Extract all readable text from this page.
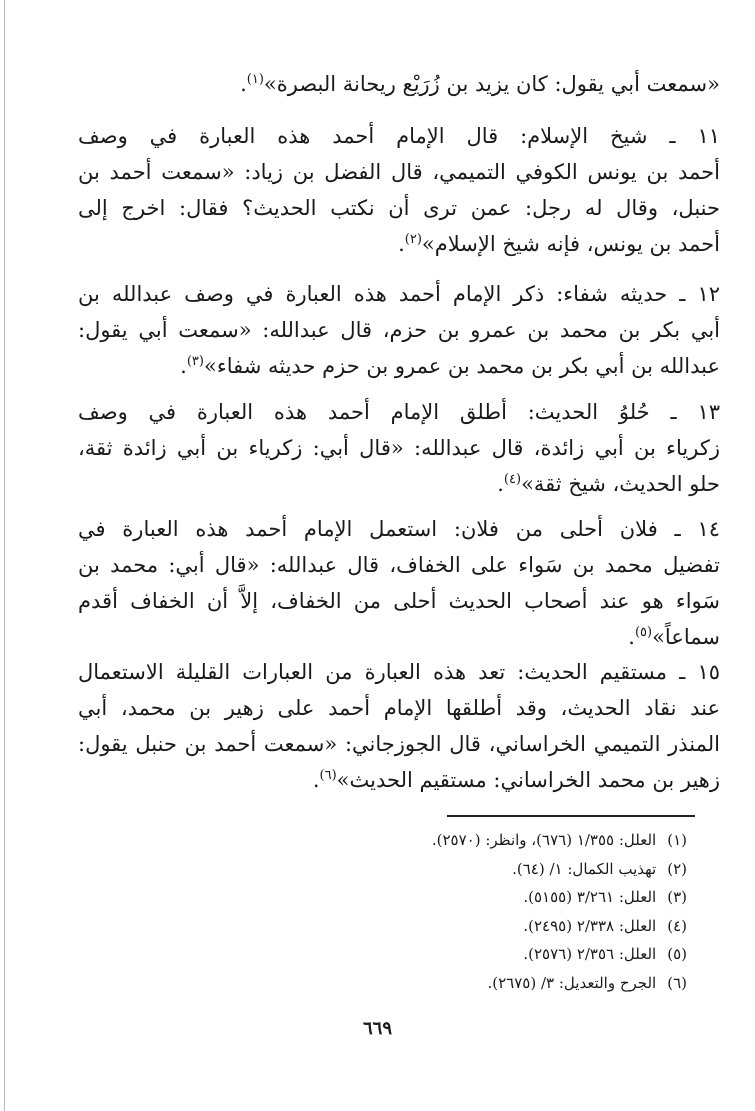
«سمعت أبي يقول: كان يزيد بن زُرَيْع ريحانة البصرة»$^{(١)}$.
١١ ـ شيخ الإسلام: قال الإمام أحمد هذه العبارة في وصف
أحمد بن يونس الكوفي التميمي، قال الفضل بن زياد: «سمعت أحمد بن
حنبل، وقال له رجل: عمن ترى أن نكتب الحديث؟ فقال: اخرج إلى
أحمد بن يونس، فإنه شيخ الإسلام»$^{(٢)}$.
١٢ ـ حديثه شفاء: ذكر الإمام أحمد هذه العبارة في وصف عبدالله بن
أبي بكر بن محمد بن عمرو بن حزم، قال عبدالله: «سمعت أبي يقول:
عبدالله بن أبي بكر بن محمد بن عمرو بن حزم حديثه شفاء»$^{(٣)}$.
١٣ ـ حُلوُ الحديث: أطلق الإمام أحمد هذه العبارة في وصف
زكرياء بن أبي زائدة، قال عبدالله: «قال أبي: زكرياء بن أبي زائدة ثقة،
حلو الحديث، شيخ ثقة»$^{(٤)}$.
١٤ ـ فلان أحلى من فلان: استعمل الإمام أحمد هذه العبارة في
تفضيل محمد بن سَواء على الخفاف، قال عبدالله: «قال أبي: محمد بن
سَواء هو عند أصحاب الحديث أحلى من الخفاف، إلاَّ أن الخفاف أقدم
سماعاً»$^{(٥)}$.
١٥ ـ مستقيم الحديث: تعد هذه العبارة من العبارات القليلة الاستعمال
عند نقاد الحديث، وقد أطلقها الإمام أحمد على زهير بن محمد، أبي
المنذر التميمي الخراساني، قال الجوزجاني: «سمعت أحمد بن حنبل يقول:
زهير بن محمد الخراساني: مستقيم الحديث»$^{(٦)}$.
(١) العلل: ١/٣٥٥ (٦٧٦)، وانظر: (٢٥٧٠).
(٢) تهذيب الكمال: ١/ (٦٤).
(٣) العلل: ٣/٢٦١ (٥١٥٥).
(٤) العلل: ٢/٣٣٨ (٢٤٩٥).
(٥) العلل: ٢/٣٥٦ (٢٥٧٦).
(٦) الجرح والتعديل: ٣/ (٢٦٧٥).
٦٦٩
